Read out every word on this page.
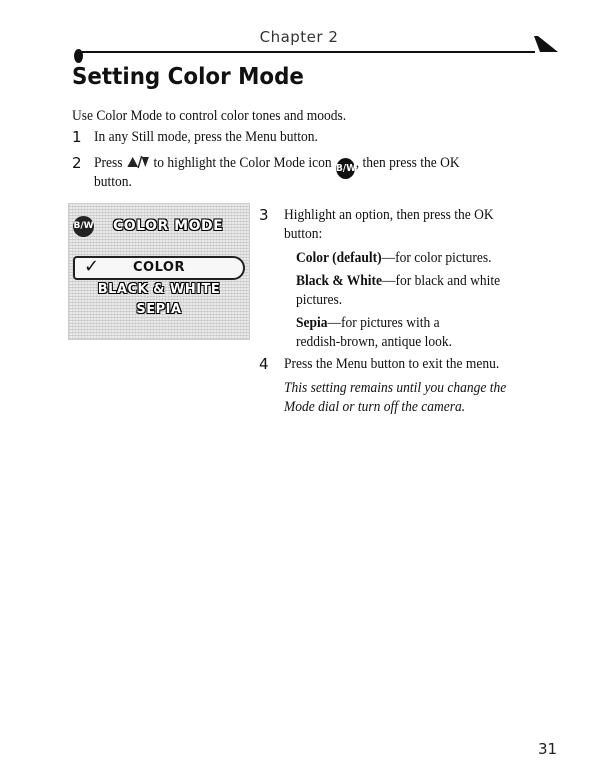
Chapter 2
Setting Color Mode
Use Color Mode to control color tones and moods.
1 In any Still mode, press the Menu button.
2 Press to highlight the Color Mode icon B/W, then press the OK
button.
B/W COLOR MODE
✓	COLOR
BLACK & WHITE
SEPIA
3 Highlight an option, then press the OK
button:
Color (default)—for color pictures.
Black & White—for black and white
pictures.
Sepia—for pictures with a
reddish-brown, antique look.
4 Press the Menu button to exit the menu.
This setting remains until you change the
Mode dial or turn off the camera.
31
